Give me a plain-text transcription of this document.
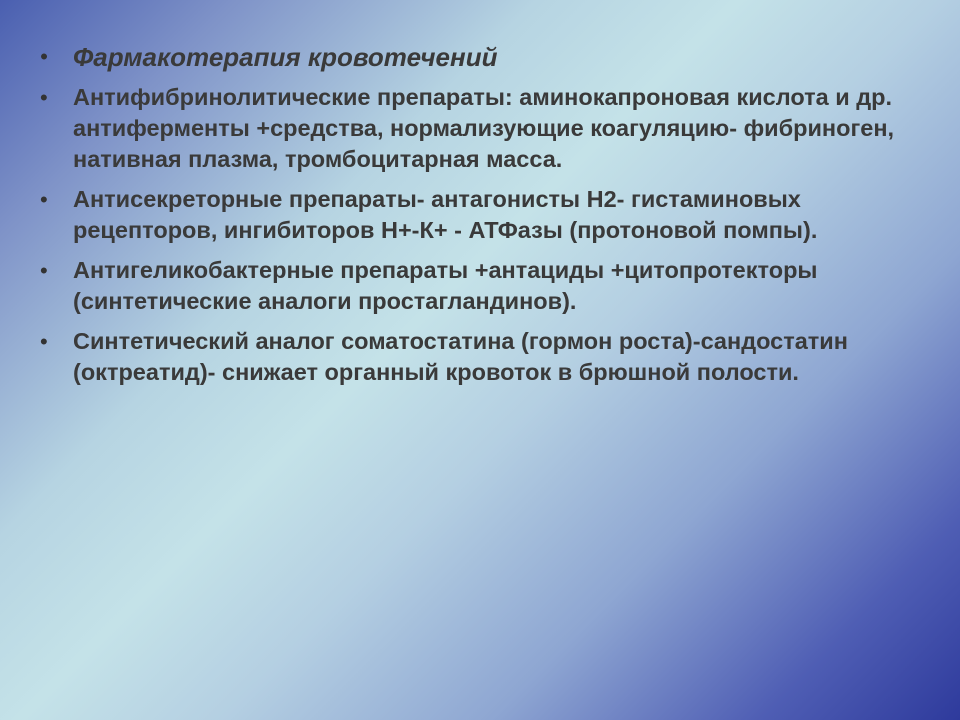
• Фармакотерапия кровотечений
• Антифибринолитические препараты: аминокапроновая кислота и др. антиферменты +средства, нормализующие коагуляцию- фибриноген, нативная плазма, тромбоцитарная масса.
• Антисекреторные препараты- антагонисты Н2- гистаминовых рецепторов, ингибиторов Н+-К+ - АТФазы (протоновой помпы).
• Антигеликобактерные препараты +антациды +цитопротекторы (синтетические аналоги простагландинов).
• Синтетический аналог соматостатина (гормон роста)-сандостатин (октреатид)- снижает органный кровоток в брюшной полости.
